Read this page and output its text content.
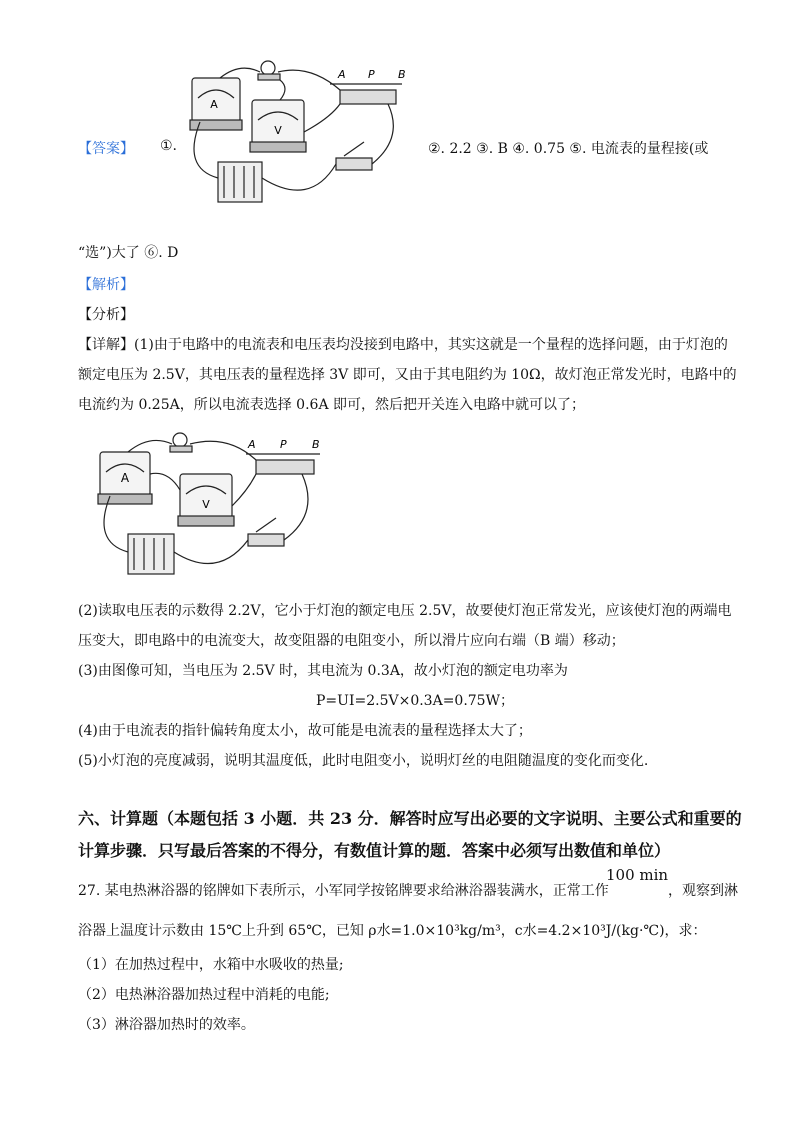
【答案】 ①.
A
V
A P B
②. 2.2 ③. B ④. 0.75 ⑤. 电流表的量程接(或
“选”)大了 ⑥. D
【解析】
【分析】
【详解】(1)由于电路中的电流表和电压表均没接到电路中，其实这就是一个量程的选择问题，由于灯泡的
额定电压为 2.5V，其电压表的量程选择 3V 即可，又由于其电阻约为 10Ω，故灯泡正常发光时，电路中的
电流约为 0.25A，所以电流表选择 0.6A 即可，然后把开关连入电路中就可以了；
A
V
A P B
(2)读取电压表的示数得 2.2V，它小于灯泡的额定电压 2.5V，故要使灯泡正常发光，应该使灯泡的两端电
压变大，即电路中的电流变大，故变阻器的电阻变小，所以滑片应向右端（B 端）移动；
(3)由图像可知，当电压为 2.5V 时，其电流为 0.3A，故小灯泡的额定电功率为
P=UI=2.5V×0.3A=0.75W；
(4)由于电流表的指针偏转角度太小，故可能是电流表的量程选择太大了；
(5)小灯泡的亮度减弱，说明其温度低，此时电阻变小，说明灯丝的电阻随温度的变化而变化.
六、计算题（本题包括 3 小题．共 23 分．解答时应写出必要的文字说明、主要公式和重要的
计算步骤．只写最后答案的不得分，有数值计算的题．答案中必须写出数值和单位）
27. 某电热淋浴器的铭牌如下表所示，小军同学按铭牌要求给淋浴器装满水，正常工作
100 min
，观察到淋
浴器上温度计示数由 15℃上升到 65℃，已知 ρ水=1.0×10³kg/m³，c水=4.2×10³J/(kg·℃)，求：
（1）在加热过程中，水箱中水吸收的热量;
（2）电热淋浴器加热过程中消耗的电能;
（3）淋浴器加热时的效率。
